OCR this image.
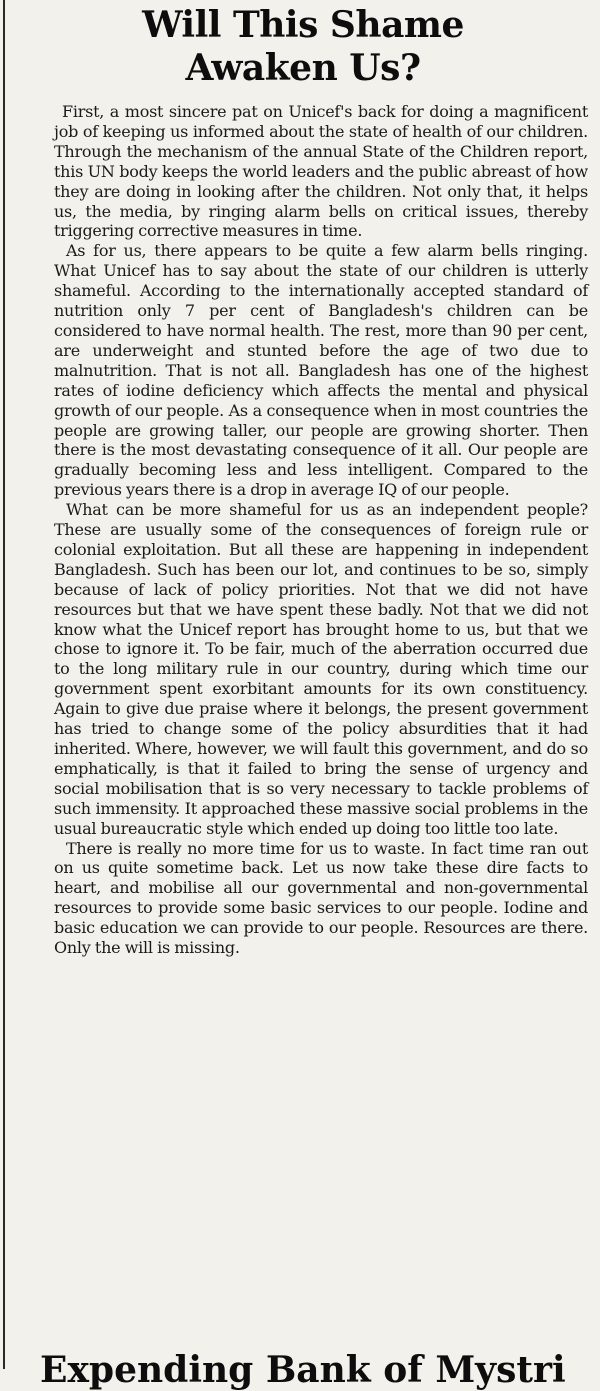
Will This Shame
Awaken Us?

First, a most sincere pat on Unicef's back for doing a magnificent job of keeping us informed about the state of health of our children. Through the mechanism of the annual State of the Children report, this UN body keeps the world leaders and the public abreast of how they are doing in looking after the children. Not only that, it helps us, the media, by ringing alarm bells on critical issues, thereby triggering corrective measures in time.

As for us, there appears to be quite a few alarm bells ringing. What Unicef has to say about the state of our children is utterly shameful. According to the internationally accepted standard of nutrition only 7 per cent of Bangladesh's children can be considered to have normal health. The rest, more than 90 per cent, are underweight and stunted before the age of two due to malnutrition. That is not all. Bangladesh has one of the highest rates of iodine deficiency which affects the mental and physical growth of our people. As a consequence when in most countries the people are growing taller, our people are growing shorter. Then there is the most devastating consequence of it all. Our people are gradually becoming less and less intelligent. Compared to the previous years there is a drop in average IQ of our people.

What can be more shameful for us as an independent people? These are usually some of the consequences of foreign rule or colonial exploitation. But all these are happening in independent Bangladesh. Such has been our lot, and continues to be so, simply because of lack of policy priorities. Not that we did not have resources but that we have spent these badly. Not that we did not know what the Unicef report has brought home to us, but that we chose to ignore it. To be fair, much of the aberration occurred due to the long military rule in our country, during which time our government spent exorbitant amounts for its own constituency. Again to give due praise where it belongs, the present government has tried to change some of the policy absurdities that it had inherited. Where, however, we will fault this government, and do so emphatically, is that it failed to bring the sense of urgency and social mobilisation that is so very necessary to tackle problems of such immensity. It approached these massive social problems in the usual bureaucratic style which ended up doing too little too late.

There is really no more time for us to waste. In fact time ran out on us quite sometime back. Let us now take these dire facts to heart, and mobilise all our governmental and non-governmental resources to provide some basic services to our people. Iodine and basic education we can provide to our people. Resources are there. Only the will is missing.

Expending Bank of Mystri
